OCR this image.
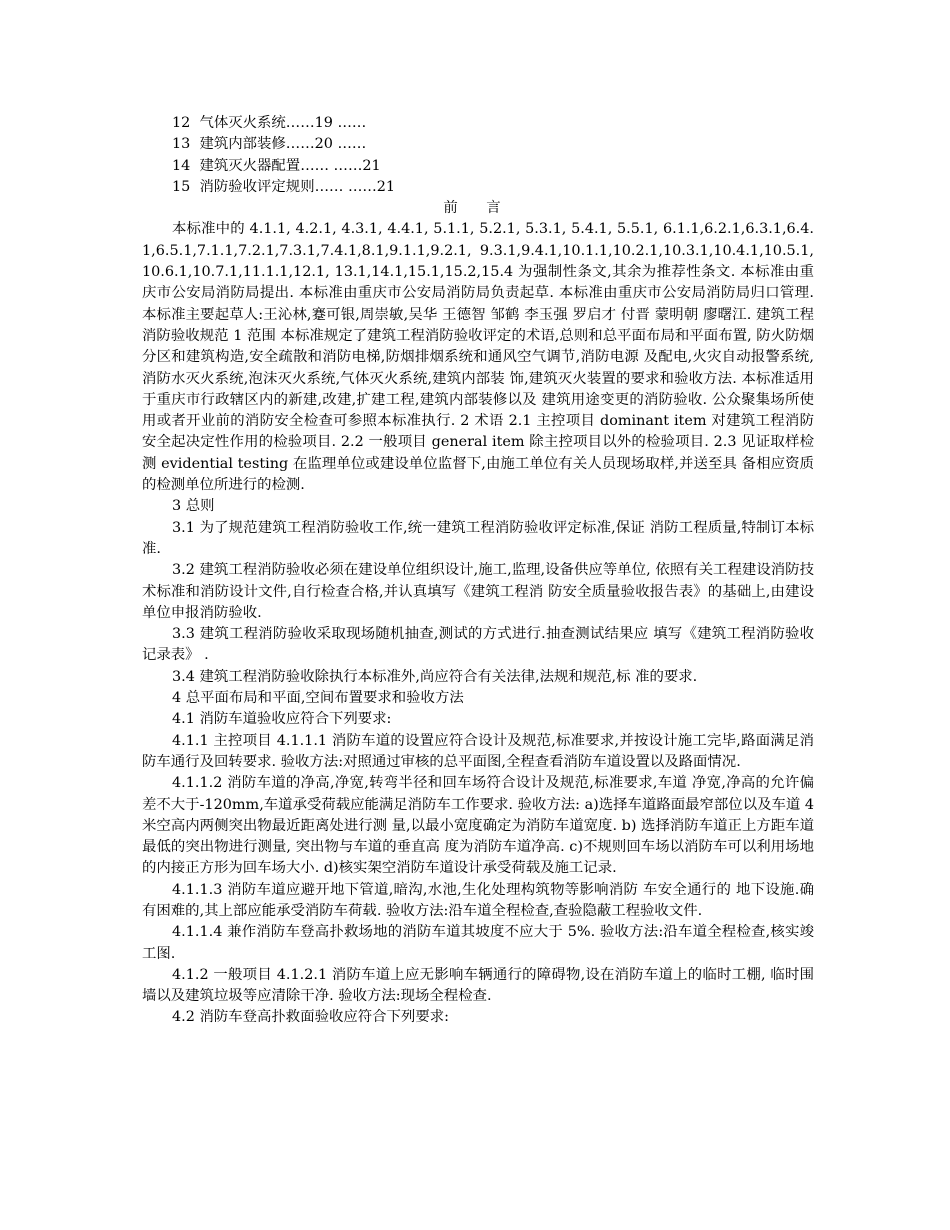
12  气体灭火系统……19 ……

13  建筑内部装修……20 ……

14  建筑灭火器配置…… ……21

15  消防验收评定规则…… ……21

前 言

本标准中的 4.1.1, 4.2.1, 4.3.1, 4.4.1, 5.1.1, 5.2.1, 5.3.1, 5.4.1, 5.5.1, 6.1.1,6.2.1,6.3.1,6.4.1,6.5.1,7.1.1,7.2.1,7.3.1,7.4.1,8.1,9.1.1,9.2.1, 9.3.1,9.4.1,10.1.1,10.2.1,10.3.1,10.4.1,10.5.1,10.6.1,10.7.1,11.1.1,12.1, 13.1,14.1,15.1,15.2,15.4 为强制性条文,其余为推荐性条文. 本标准由重庆市公安局消防局提出. 本标准由重庆市公安局消防局负责起草. 本标准由重庆市公安局消防局归口管理. 本标准主要起草人:王沁林,蹇可银,周崇敏,吴华 王德智 邹鹤 李玉强 罗启才 付晋 蒙明朝 廖曙江. 建筑工程消防验收规范 1 范围 本标准规定了建筑工程消防验收评定的术语,总则和总平面布局和平面布置, 防火防烟分区和建筑构造,安全疏散和消防电梯,防烟排烟系统和通风空气调节,消防电源 及配电,火灾自动报警系统,消防水灭火系统,泡沫灭火系统,气体灭火系统,建筑内部装 饰,建筑灭火装置的要求和验收方法. 本标准适用于重庆市行政辖区内的新建,改建,扩建工程,建筑内部装修以及 建筑用途变更的消防验收. 公众聚集场所使用或者开业前的消防安全检查可参照本标准执行. 2 术语 2.1 主控项目 dominant item 对建筑工程消防安全起决定性作用的检验项目. 2.2 一般项目 general item 除主控项目以外的检验项目. 2.3 见证取样检测 evidential testing 在监理单位或建设单位监督下,由施工单位有关人员现场取样,并送至具 备相应资质的检测单位所进行的检测.

3 总则

3.1 为了规范建筑工程消防验收工作,统一建筑工程消防验收评定标准,保证 消防工程质量,特制订本标准.

3.2 建筑工程消防验收必须在建设单位组织设计,施工,监理,设备供应等单位, 依照有关工程建设消防技术标准和消防设计文件,自行检查合格,并认真填写《建筑工程消 防安全质量验收报告表》的基础上,由建设单位申报消防验收.

3.3 建筑工程消防验收采取现场随机抽查,测试的方式进行.抽查测试结果应 填写《建筑工程消防验收记录表》 .

3.4 建筑工程消防验收除执行本标准外,尚应符合有关法律,法规和规范,标 准的要求.

4 总平面布局和平面,空间布置要求和验收方法

4.1 消防车道验收应符合下列要求:

4.1.1 主控项目 4.1.1.1 消防车道的设置应符合设计及规范,标准要求,并按设计施工完毕,路面满足消防车通行及回转要求. 验收方法:对照通过审核的总平面图,全程查看消防车道设置以及路面情况.

4.1.1.2 消防车道的净高,净宽,转弯半径和回车场符合设计及规范,标准要求,车道 净宽,净高的允许偏差不大于-120mm,车道承受荷载应能满足消防车工作要求. 验收方法: a)选择车道路面最窄部位以及车道 4 米空高内两侧突出物最近距离处进行测 量,以最小宽度确定为消防车道宽度. b) 选择消防车道正上方距车道最低的突出物进行测量, 突出物与车道的垂直高 度为消防车道净高. c)不规则回车场以消防车可以利用场地的内接正方形为回车场大小. d)核实架空消防车道设计承受荷载及施工记录.

4.1.1.3 消防车道应避开地下管道,暗沟,水池,生化处理构筑物等影响消防 车安全通行的 地下设施.确有困难的,其上部应能承受消防车荷载. 验收方法:沿车道全程检查,查验隐蔽工程验收文件.

4.1.1.4 兼作消防车登高扑救场地的消防车道其坡度不应大于 5%. 验收方法:沿车道全程检查,核实竣工图.

4.1.2 一般项目 4.1.2.1 消防车道上应无影响车辆通行的障碍物,设在消防车道上的临时工棚, 临时围墙以及建筑垃圾等应清除干净. 验收方法:现场全程检查.

4.2 消防车登高扑救面验收应符合下列要求:
